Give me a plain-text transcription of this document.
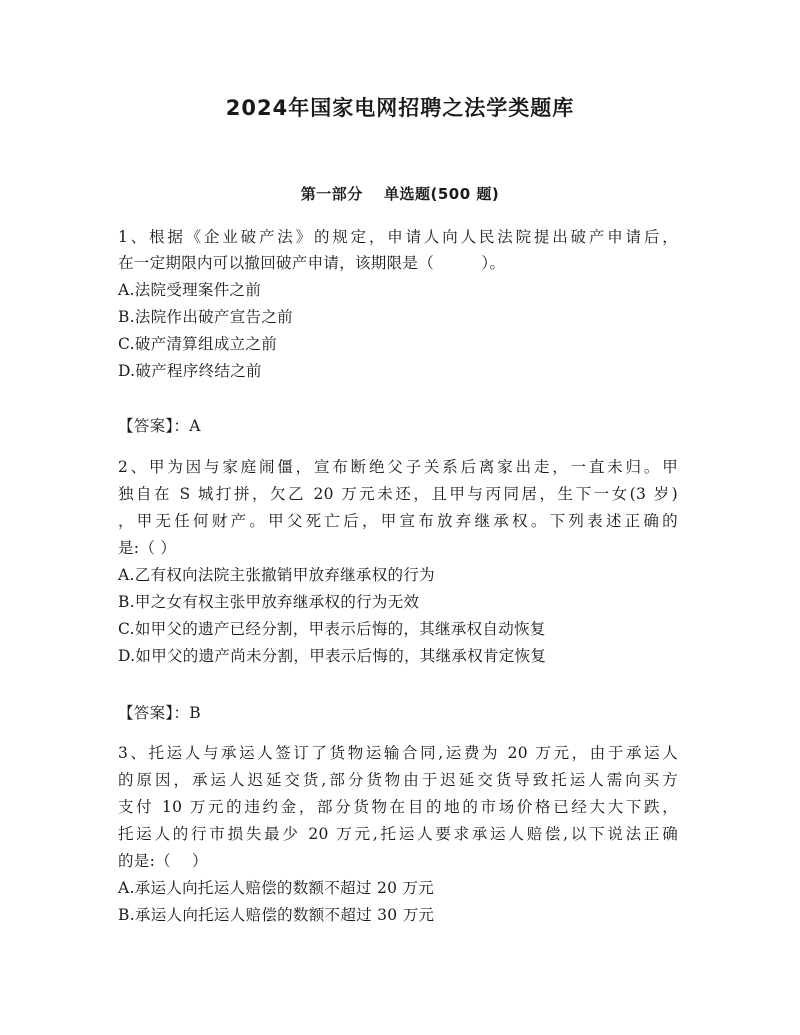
2024年国家电网招聘之法学类题库
第一部分　 单选题(500 题)
1、根据《企业破产法》的规定，申请人向人民法院提出破产申请后，
在一定期限内可以撤回破产申请，该期限是（　　　）。
A.法院受理案件之前
B.法院作出破产宣告之前
C.破产清算组成立之前
D.破产程序终结之前
【答案】：A
2、甲为因与家庭闹僵，宣布断绝父子关系后离家出走，一直未归。甲
独自在 S 城打拼，欠乙 20 万元未还，且甲与丙同居，生下一女(3 岁)
，甲无任何财产。甲父死亡后，甲宣布放弃继承权。下列表述正确的
是:（ ）
A.乙有权向法院主张撤销甲放弃继承权的行为
B.甲之女有权主张甲放弃继承权的行为无效
C.如甲父的遗产已经分割，甲表示后悔的，其继承权自动恢复
D.如甲父的遗产尚未分割，甲表示后悔的，其继承权肯定恢复
【答案】：B
3、托运人与承运人签订了货物运输合同,运费为 20 万元，由于承运人
的原因，承运人迟延交货,部分货物由于迟延交货导致托运人需向买方
支付 10 万元的违约金，部分货物在目的地的市场价格已经大大下跌，
托运人的行市损失最少 20 万元,托运人要求承运人赔偿,以下说法正确
的是:（　 ）
A.承运人向托运人赔偿的数额不超过 20 万元
B.承运人向托运人赔偿的数额不超过 30 万元
